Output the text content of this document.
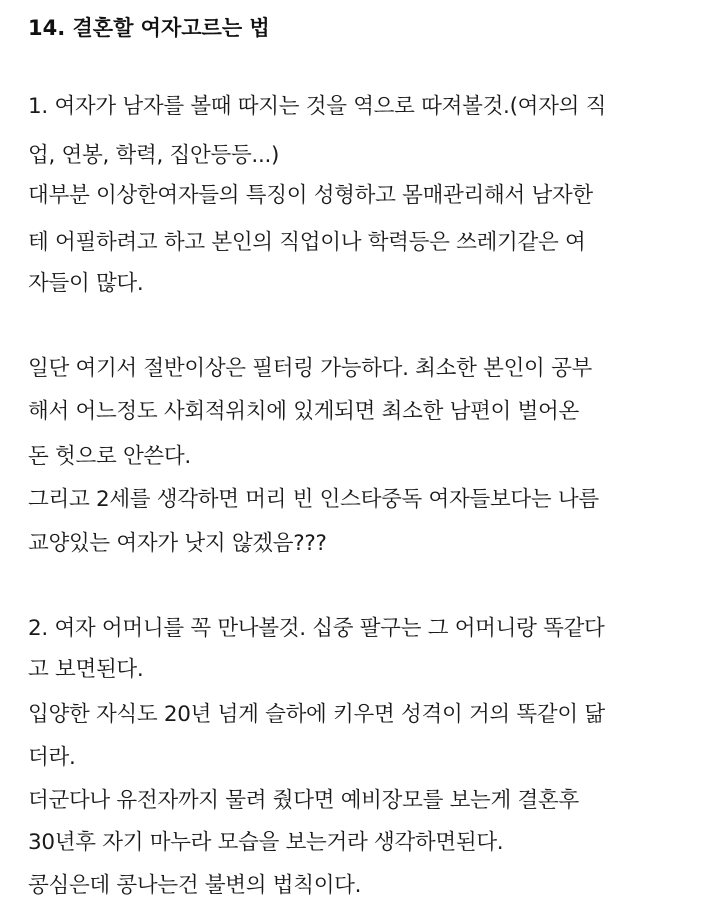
14. 결혼할 여자고르는 법
1. 여자가 남자를 볼때 따지는 것을 역으로 따져볼것.(여자의 직
업, 연봉, 학력, 집안등등...)
대부분 이상한여자들의 특징이 성형하고 몸매관리해서 남자한
테 어필하려고 하고 본인의 직업이나 학력등은 쓰레기같은 여
자들이 많다.
일단 여기서 절반이상은 필터링 가능하다. 최소한 본인이 공부
해서 어느정도 사회적위치에 있게되면 최소한 남편이 벌어온
돈 헛으로 안쓴다.
그리고 2세를 생각하면 머리 빈 인스타중독 여자들보다는 나름
교양있는 여자가 낫지 않겠음???
2. 여자 어머니를 꼭 만나볼것. 십중 팔구는 그 어머니랑 똑같다
고 보면된다.
입양한 자식도 20년 넘게 슬하에 키우면 성격이 거의 똑같이 닮
더라.
더군다나 유전자까지 물려 줬다면 예비장모를 보는게 결혼후
30년후 자기 마누라 모습을 보는거라 생각하면된다.
콩심은데 콩나는건 불변의 법칙이다.
